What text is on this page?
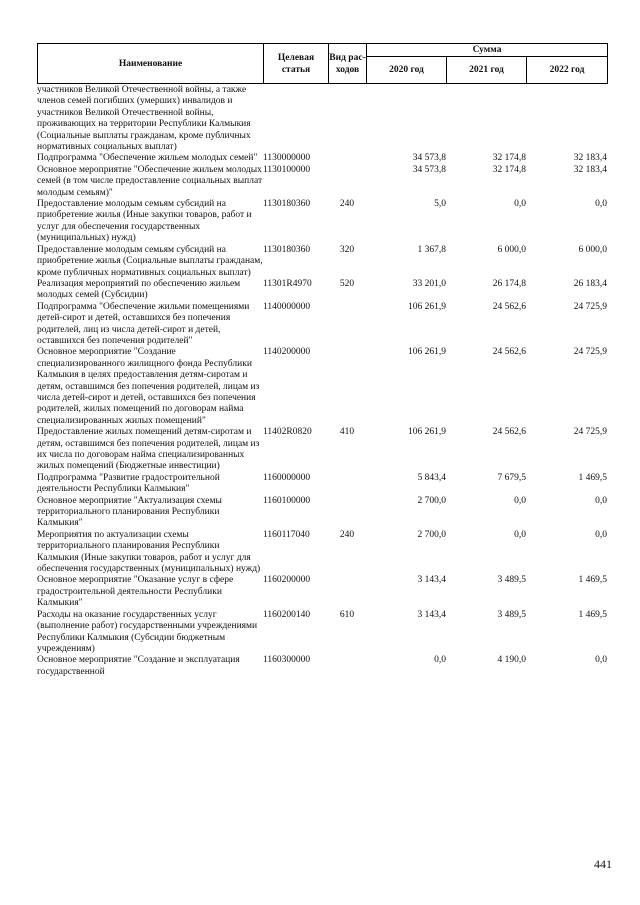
Наименование	Целевая статья	Вид рас-ходов	Сумма		
			2020 год	2021 год	2022 год
участников Великой Отечественной войны, а также членов семей погибших (умерших) инвалидов и участников Великой Отечественной войны, проживающих на территории Республики Калмыкия (Социальные выплаты гражданам, кроме публичных нормативных социальных выплат)					
Подпрограмма "Обеспечение жильем молодых семей"	1130000000		34 573,8	32 174,8	32 183,4
Основное мероприятие "Обеспечение жильем молодых семей (в том числе предоставление социальных выплат молодым семьям)"	1130100000		34 573,8	32 174,8	32 183,4
Предоставление молодым семьям субсидий на приобретение жилья (Иные закупки товаров, работ и услуг для обеспечения государственных (муниципальных) нужд)	1130180360	240	5,0	0,0	0,0
Предоставление молодым семьям субсидий на приобретение жилья (Социальные выплаты гражданам, кроме публичных нормативных социальных выплат)	1130180360	320	1 367,8	6 000,0	6 000,0
Реализация мероприятий по обеспечению жильем молодых семей (Субсидии)	11301R4970	520	33 201,0	26 174,8	26 183,4
Подпрограмма "Обеспечение жильми помещениями детей-сирот и детей, оставшихся без попечения родителей, лиц из числа детей-сирот и детей, оставшихся без попечения родителей"	1140000000		106 261,9	24 562,6	24 725,9
Основное мероприятие "Создание специализированного жилищного фонда Республики Калмыкия в целях предоставления детям-сиротам и детям, оставшимся без попечения родителей, лицам из числа детей-сирот и детей, оставшихся без попечения родителей, жилых помещений по договорам найма специализированных жилых помещений"	1140200000		106 261,9	24 562,6	24 725,9
Предоставление жилых помещений детям-сиротам и детям, оставшимся без попечения родителей, лицам из их числа по договорам найма специализированных жилых помещений (Бюджетные инвестиции)	11402R0820	410	106 261,9	24 562,6	24 725,9
Подпрограмма "Развитие градостроительной деятельности Республики Калмыкия"	1160000000		5 843,4	7 679,5	1 469,5
Основное мероприятие "Актуализация схемы территориального планирования Республики Калмыкия"	1160100000		2 700,0	0,0	0,0
Мероприятия по актуализации схемы территориального планирования Республики Калмыкия (Иные закупки товаров, работ и услуг для обеспечения государственных (муниципальных) нужд)	1160117040	240	2 700,0	0,0	0,0
Основное мероприятие "Оказание услуг в сфере градостроительной деятельности Республики Калмыкия"	1160200000		3 143,4	3 489,5	1 469,5
Расходы на оказание государственных услуг (выполнение работ) государственными учреждениями Республики Калмыкия (Субсидии бюджетным учреждениям)	1160200140	610	3 143,4	3 489,5	1 469,5
Основное мероприятие "Создание и эксплуатация государственной	1160300000		0,0	4 190,0	0,0
441
